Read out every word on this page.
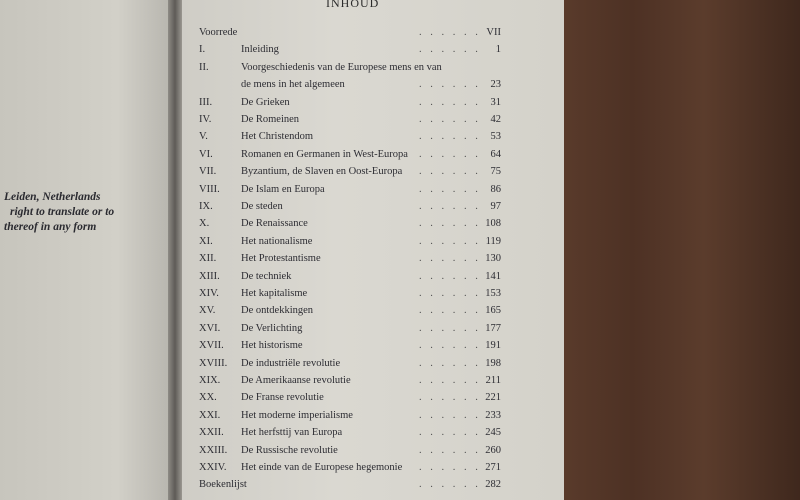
Leiden, Netherlands
right to translate or to
thereof in any form
INHOUD
Voorrede	. . . . . . VII
I.	Inleiding	. . . . . . 1
II.	Voorgeschiedenis van de Europese mens en van
de mens in het algemeen	. . . . . . 23
III.	De Grieken	. . . . . . 31
IV.	De Romeinen	. . . . . . 42
V.	Het Christendom	. . . . . . 53
VI.	Romanen en Germanen in West-Europa . . . . . . 64
VII. Byzantium, de Slaven en Oost-Europa . . . . . . 75
VIII. De Islam en Europa	. . . . . . 86
IX.	De steden	. . . . . . 97
X.	De Renaissance	. . . . . . 108
XI.	Het nationalisme	. . . . . . 119
XII. Het Protestantisme	. . . . . . 130
XIII. De techniek	. . . . . . 141
XIV. Het kapitalisme	. . . . . . 153
XV. De ontdekkingen	. . . . . . 165
XVI. De Verlichting	. . . . . . 177
XVII. Het historisme	. . . . . . 191
XVIII. De industriële revolutie	. . . . . . 198
XIX. De Amerikaanse revolutie	. . . . . . 211
XX. De Franse revolutie	. . . . . . 221
XXI. Het moderne imperialisme	. . . . . . 233
XXII. Het herfsttij van Europa	. . . . . . 245
XXIII. De Russische revolutie	. . . . . . 260
XXIV. Het einde van de Europese hegemonie . . . . . . 271
Boekenlijst	. . . . . . 282
